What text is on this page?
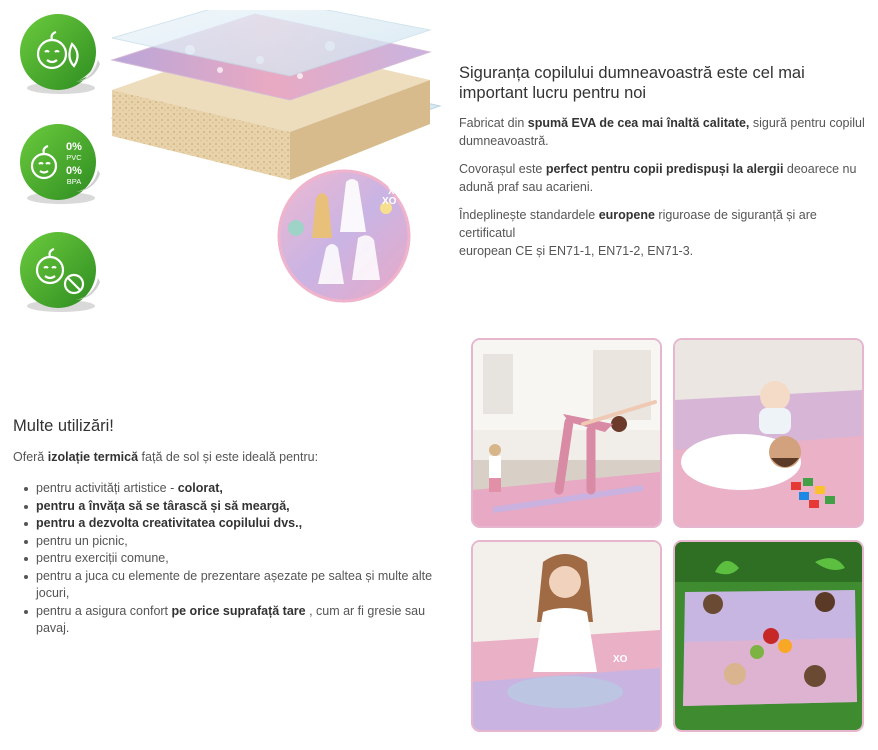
0%
PVC
0%
BPA
XO
XO
Siguranța copilului dumneavoastră este cel mai
important lucru pentru noi
Fabricat din spumă EVA de cea mai înaltă calitate, sigură pentru copilul
dumneavoastră.
Covorașul este perfect pentru copii predispuși la alergii deoarece nu
adună praf sau acarieni.
Îndeplinește standardele europene riguroase de siguranță și are certificatul
european CE și EN71-1, EN71-2, EN71-3.
Multe utilizări!
Oferă izolație termică față de sol și este ideală pentru:
pentru activități artistice - colorat,
pentru a învăța să se târască și să meargă,
pentru a dezvolta creativitatea copilului dvs.,
pentru un picnic,
pentru exerciții comune,
pentru a juca cu elemente de prezentare așezate pe saltea și multe alte jocuri,
pentru a asigura confort pe orice suprafață tare , cum ar fi gresie sau pavaj.
XO
